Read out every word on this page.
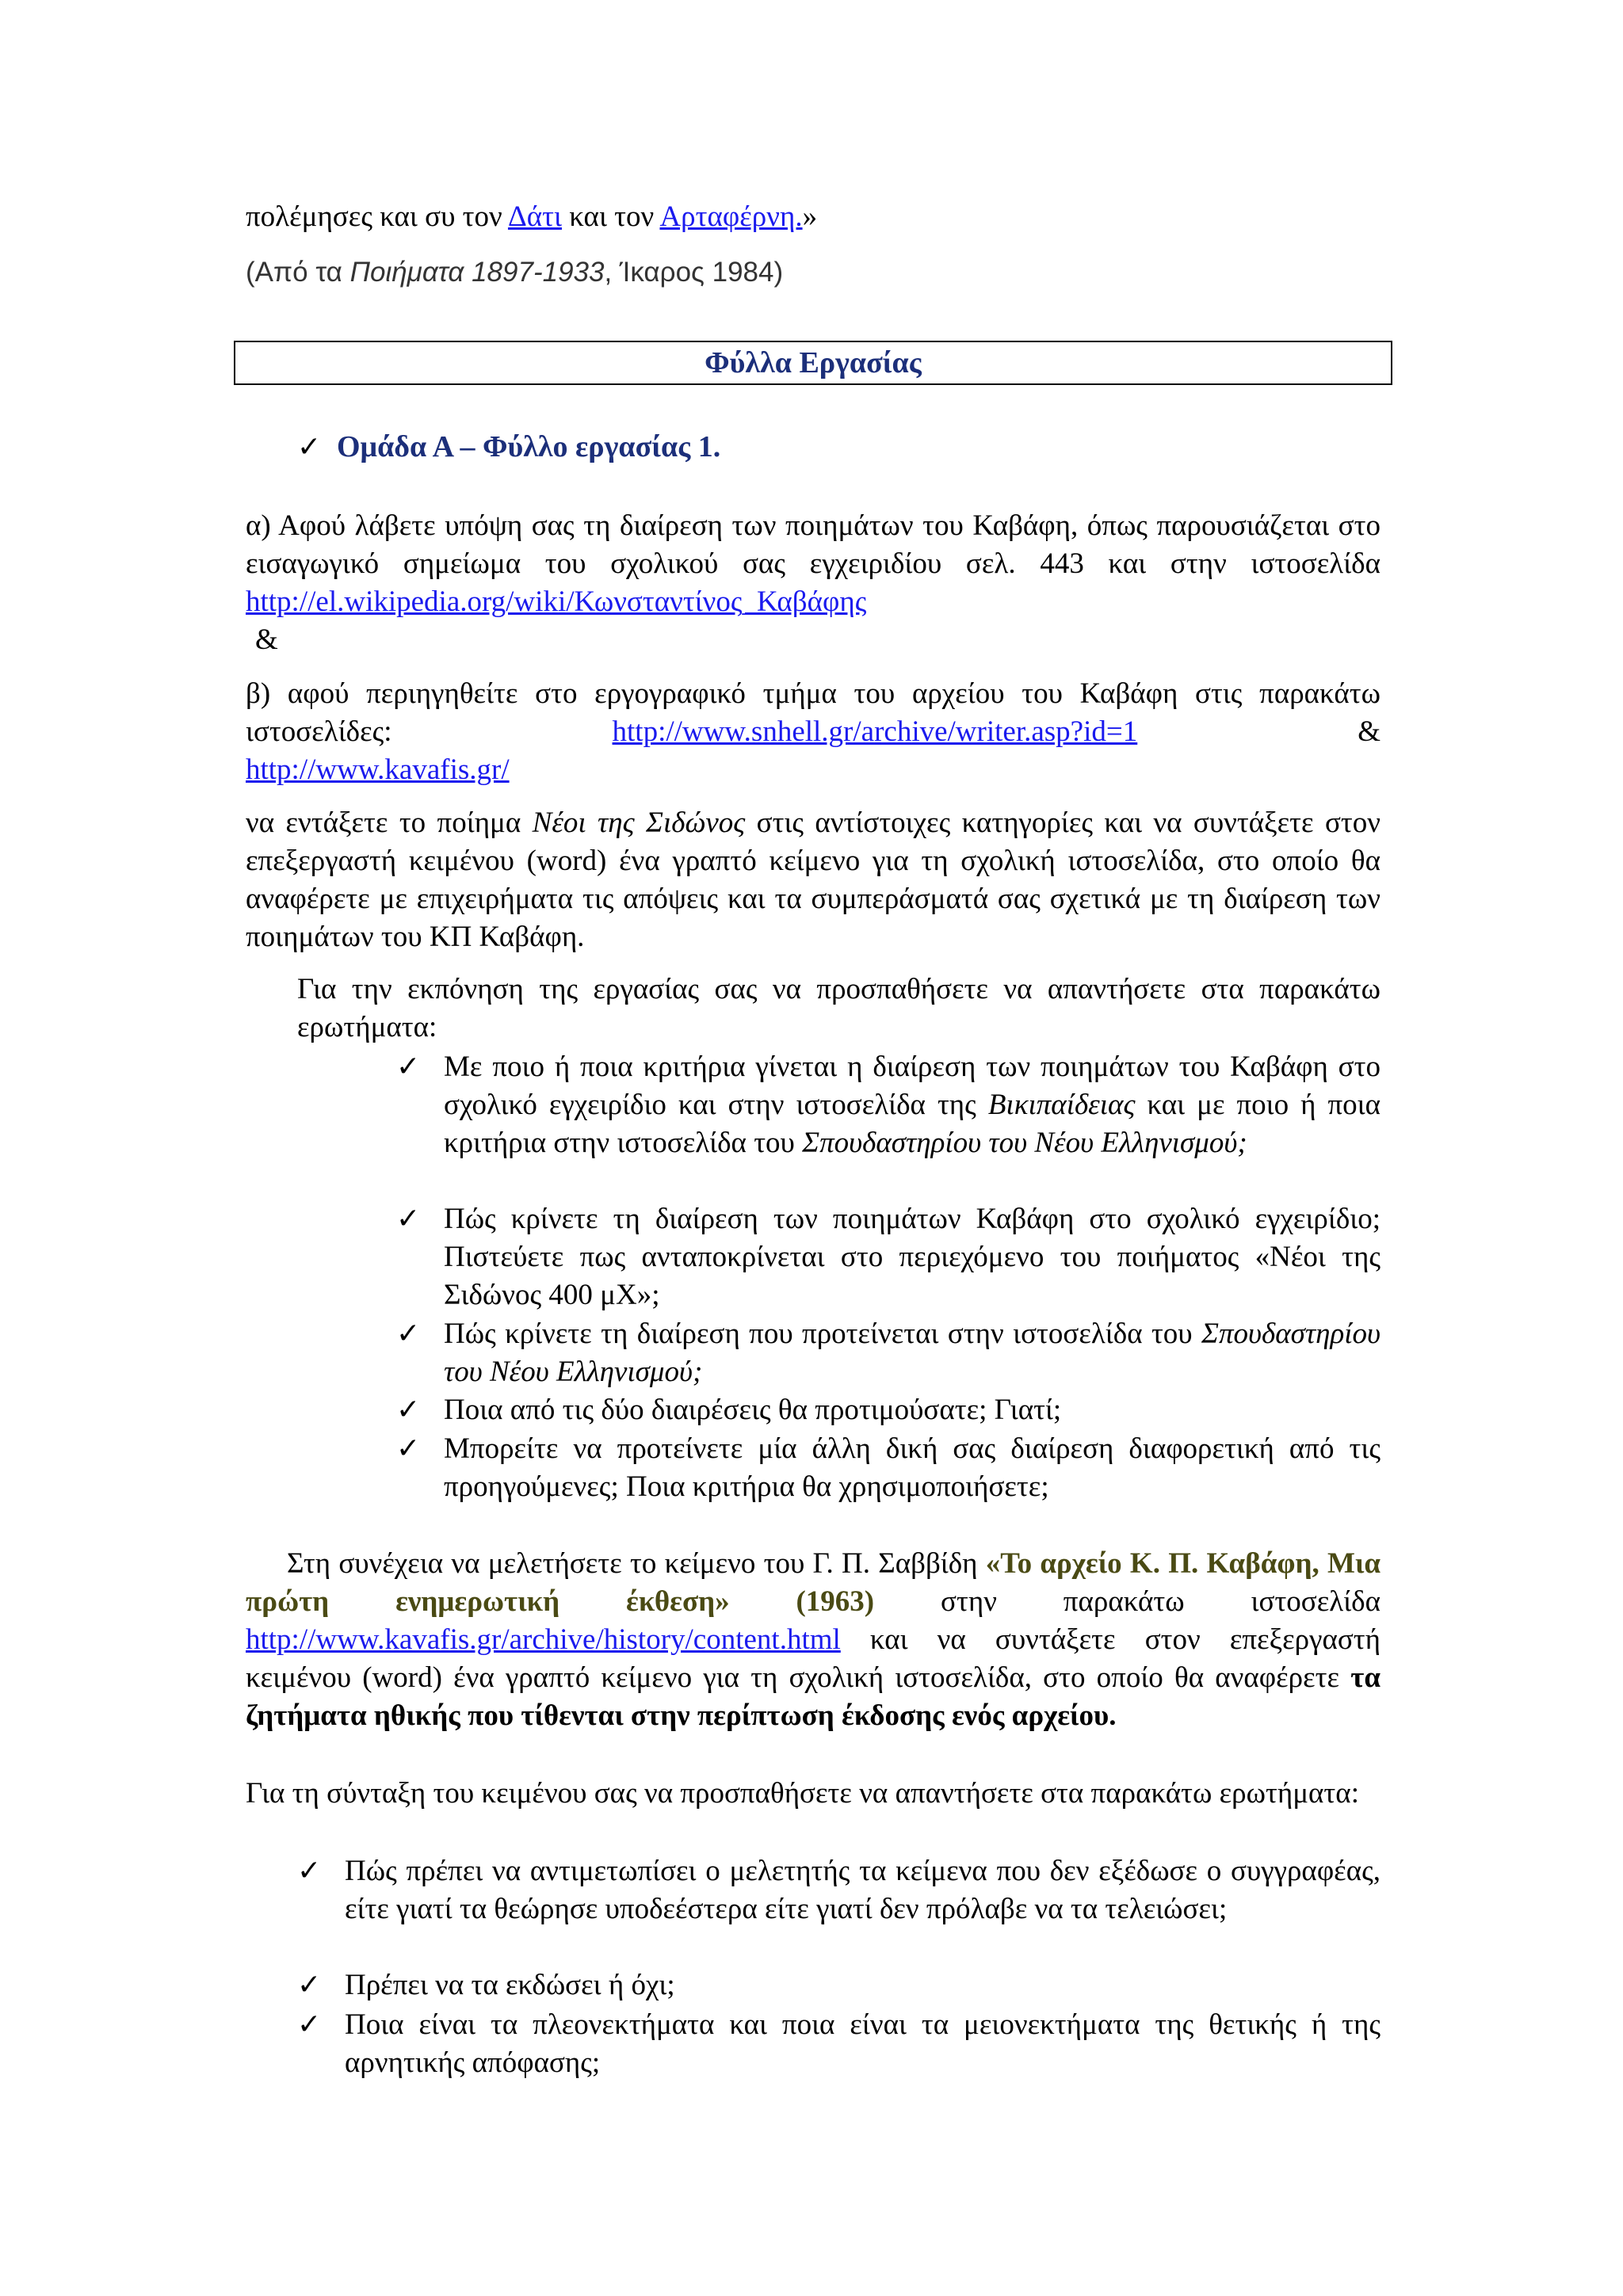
πολέμησες και συ τον Δάτι και τον Αρταφέρνη.»
(Από τα Ποιήματα 1897-1933, Ίκαρος 1984)
Φύλλα Εργασίας
✓ Ομάδα Α – Φύλλο εργασίας 1.
α) Αφού λάβετε υπόψη σας τη διαίρεση των ποιημάτων του Καβάφη, όπως παρουσιάζεται στο εισαγωγικό σημείωμα του σχολικού σας εγχειριδίου σελ. 443 και στην ιστοσελίδα http://el.wikipedia.org/wiki/Κωνσταντίνος_Καβάφης
&
β) αφού περιηγηθείτε στο εργογραφικό τμήμα του αρχείου του Καβάφη στις παρακάτω ιστοσελίδες: http://www.snhell.gr/archive/writer.asp?id=1 &
http://www.kavafis.gr/
να εντάξετε το ποίημα Νέοι της Σιδώνος στις αντίστοιχες κατηγορίες και να συντάξετε στον επεξεργαστή κειμένου (word) ένα γραπτό κείμενο για τη σχολική ιστοσελίδα, στο οποίο θα αναφέρετε με επιχειρήματα τις απόψεις και τα συμπεράσματά σας σχετικά με τη διαίρεση των ποιημάτων του ΚΠ Καβάφη.
Για την εκπόνηση της εργασίας σας να προσπαθήσετε να απαντήσετε στα παρακάτω ερωτήματα:
✓ Με ποιο ή ποια κριτήρια γίνεται η διαίρεση των ποιημάτων του Καβάφη στο σχολικό εγχειρίδιο και στην ιστοσελίδα της Βικιπαίδειας και με ποιο ή ποια κριτήρια στην ιστοσελίδα του Σπουδαστηρίου του Νέου Ελληνισμού;
✓ Πώς κρίνετε τη διαίρεση των ποιημάτων Καβάφη στο σχολικό εγχειρίδιο; Πιστεύετε πως ανταποκρίνεται στο περιεχόμενο του ποιήματος «Νέοι της Σιδώνος 400 μΧ»;
✓ Πώς κρίνετε τη διαίρεση που προτείνεται στην ιστοσελίδα του Σπουδαστηρίου του Νέου Ελληνισμού;
✓ Ποια από τις δύο διαιρέσεις θα προτιμούσατε; Γιατί;
✓ Μπορείτε να προτείνετε μία άλλη δική σας διαίρεση διαφορετική από τις προηγούμενες; Ποια κριτήρια θα χρησιμοποιήσετε;
Στη συνέχεια να μελετήσετε το κείμενο του Γ. Π. Σαββίδη «Το αρχείο Κ. Π. Καβάφη, Μια πρώτη ενημερωτική έκθεση» (1963) στην παρακάτω ιστοσελίδα http://www.kavafis.gr/archive/history/content.html και να συντάξετε στον επεξεργαστή κειμένου (word) ένα γραπτό κείμενο για τη σχολική ιστοσελίδα, στο οποίο θα αναφέρετε τα ζητήματα ηθικής που τίθενται στην περίπτωση έκδοσης ενός αρχείου.
Για τη σύνταξη του κειμένου σας να προσπαθήσετε να απαντήσετε στα παρακάτω ερωτήματα:
✓ Πώς πρέπει να αντιμετωπίσει ο μελετητής τα κείμενα που δεν εξέδωσε ο συγγραφέας, είτε γιατί τα θεώρησε υποδεέστερα είτε γιατί δεν πρόλαβε να τα τελειώσει;
✓ Πρέπει να τα εκδώσει ή όχι;
✓ Ποια είναι τα πλεονεκτήματα και ποια είναι τα μειονεκτήματα της θετικής ή της αρνητικής απόφασης;
